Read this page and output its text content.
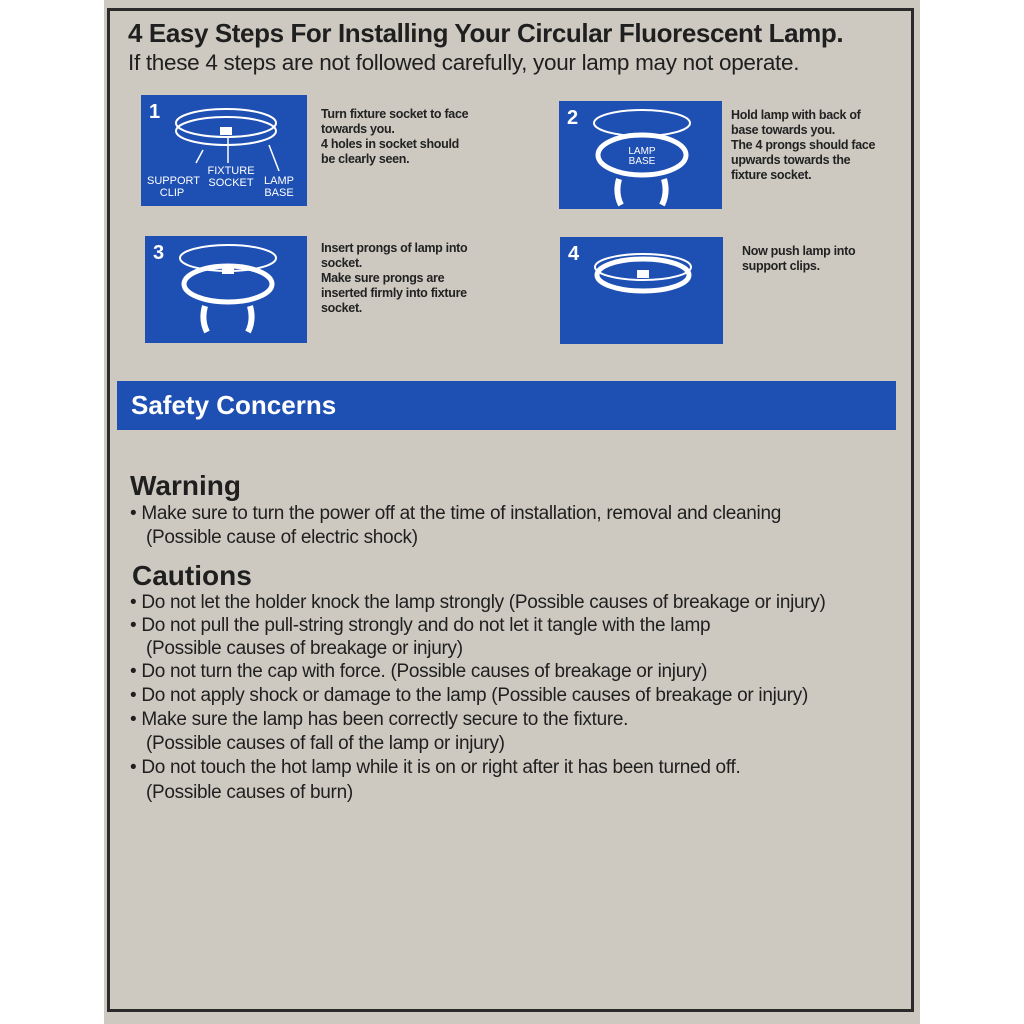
4 Easy Steps For Installing Your Circular Fluorescent Lamp.
If these 4 steps are not followed carefully, your lamp may not operate.
1
SUPPORT
CLIP
FIXTURE
SOCKET LAMP
BASE
Turn fixture socket to face
towards you.
4 holes in socket should
be clearly seen.
2
LAMP
BASE
Hold lamp with back of
base towards you.
The 4 prongs should face
upwards towards the
fixture socket.
3	Insert prongs of lamp into
socket.
Make sure prongs are
inserted firmly into fixture
socket.
4	Now push lamp into
support clips.
Safety Concerns
Warning
• Make sure to turn the power off at the time of installation, removal and cleaning
(Possible cause of electric shock)
Cautions
• Do not let the holder knock the lamp strongly (Possible causes of breakage or injury)
• Do not pull the pull-string strongly and do not let it tangle with the lamp
(Possible causes of breakage or injury)
• Do not turn the cap with force. (Possible causes of breakage or injury)
• Do not apply shock or damage to the lamp (Possible causes of breakage or injury)
• Make sure the lamp has been correctly secure to the fixture.
(Possible causes of fall of the lamp or injury)
• Do not touch the hot lamp while it is on or right after it has been turned off.
(Possible causes of burn)
